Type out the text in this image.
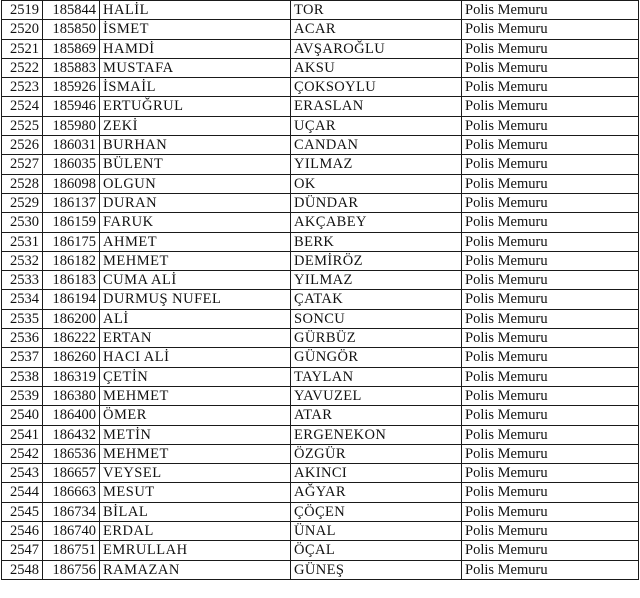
2519	185844	HALİL	TOR	Polis Memuru
2520	185850	İSMET	ACAR	Polis Memuru
2521	185869	HAMDİ	AVŞAROĞLU	Polis Memuru
2522	185883	MUSTAFA	AKSU	Polis Memuru
2523	185926	İSMAİL	ÇOKSOYLU	Polis Memuru
2524	185946	ERTUĞRUL	ERASLAN	Polis Memuru
2525	185980	ZEKİ	UÇAR	Polis Memuru
2526	186031	BURHAN	CANDAN	Polis Memuru
2527	186035	BÜLENT	YILMAZ	Polis Memuru
2528	186098	OLGUN	OK	Polis Memuru
2529	186137	DURAN	DÜNDAR	Polis Memuru
2530	186159	FARUK	AKÇABEY	Polis Memuru
2531	186175	AHMET	BERK	Polis Memuru
2532	186182	MEHMET	DEMİRÖZ	Polis Memuru
2533	186183	CUMA ALİ	YILMAZ	Polis Memuru
2534	186194	DURMUŞ NUFEL	ÇATAK	Polis Memuru
2535	186200	ALİ	SONCU	Polis Memuru
2536	186222	ERTAN	GÜRBÜZ	Polis Memuru
2537	186260	HACI ALİ	GÜNGÖR	Polis Memuru
2538	186319	ÇETİN	TAYLAN	Polis Memuru
2539	186380	MEHMET	YAVUZEL	Polis Memuru
2540	186400	ÖMER	ATAR	Polis Memuru
2541	186432	METİN	ERGENEKON	Polis Memuru
2542	186536	MEHMET	ÖZGÜR	Polis Memuru
2543	186657	VEYSEL	AKINCI	Polis Memuru
2544	186663	MESUT	AĞYAR	Polis Memuru
2545	186734	BİLAL	ÇÖÇEN	Polis Memuru
2546	186740	ERDAL	ÜNAL	Polis Memuru
2547	186751	EMRULLAH	ÖÇAL	Polis Memuru
2548	186756	RAMAZAN	GÜNEŞ	Polis Memuru
